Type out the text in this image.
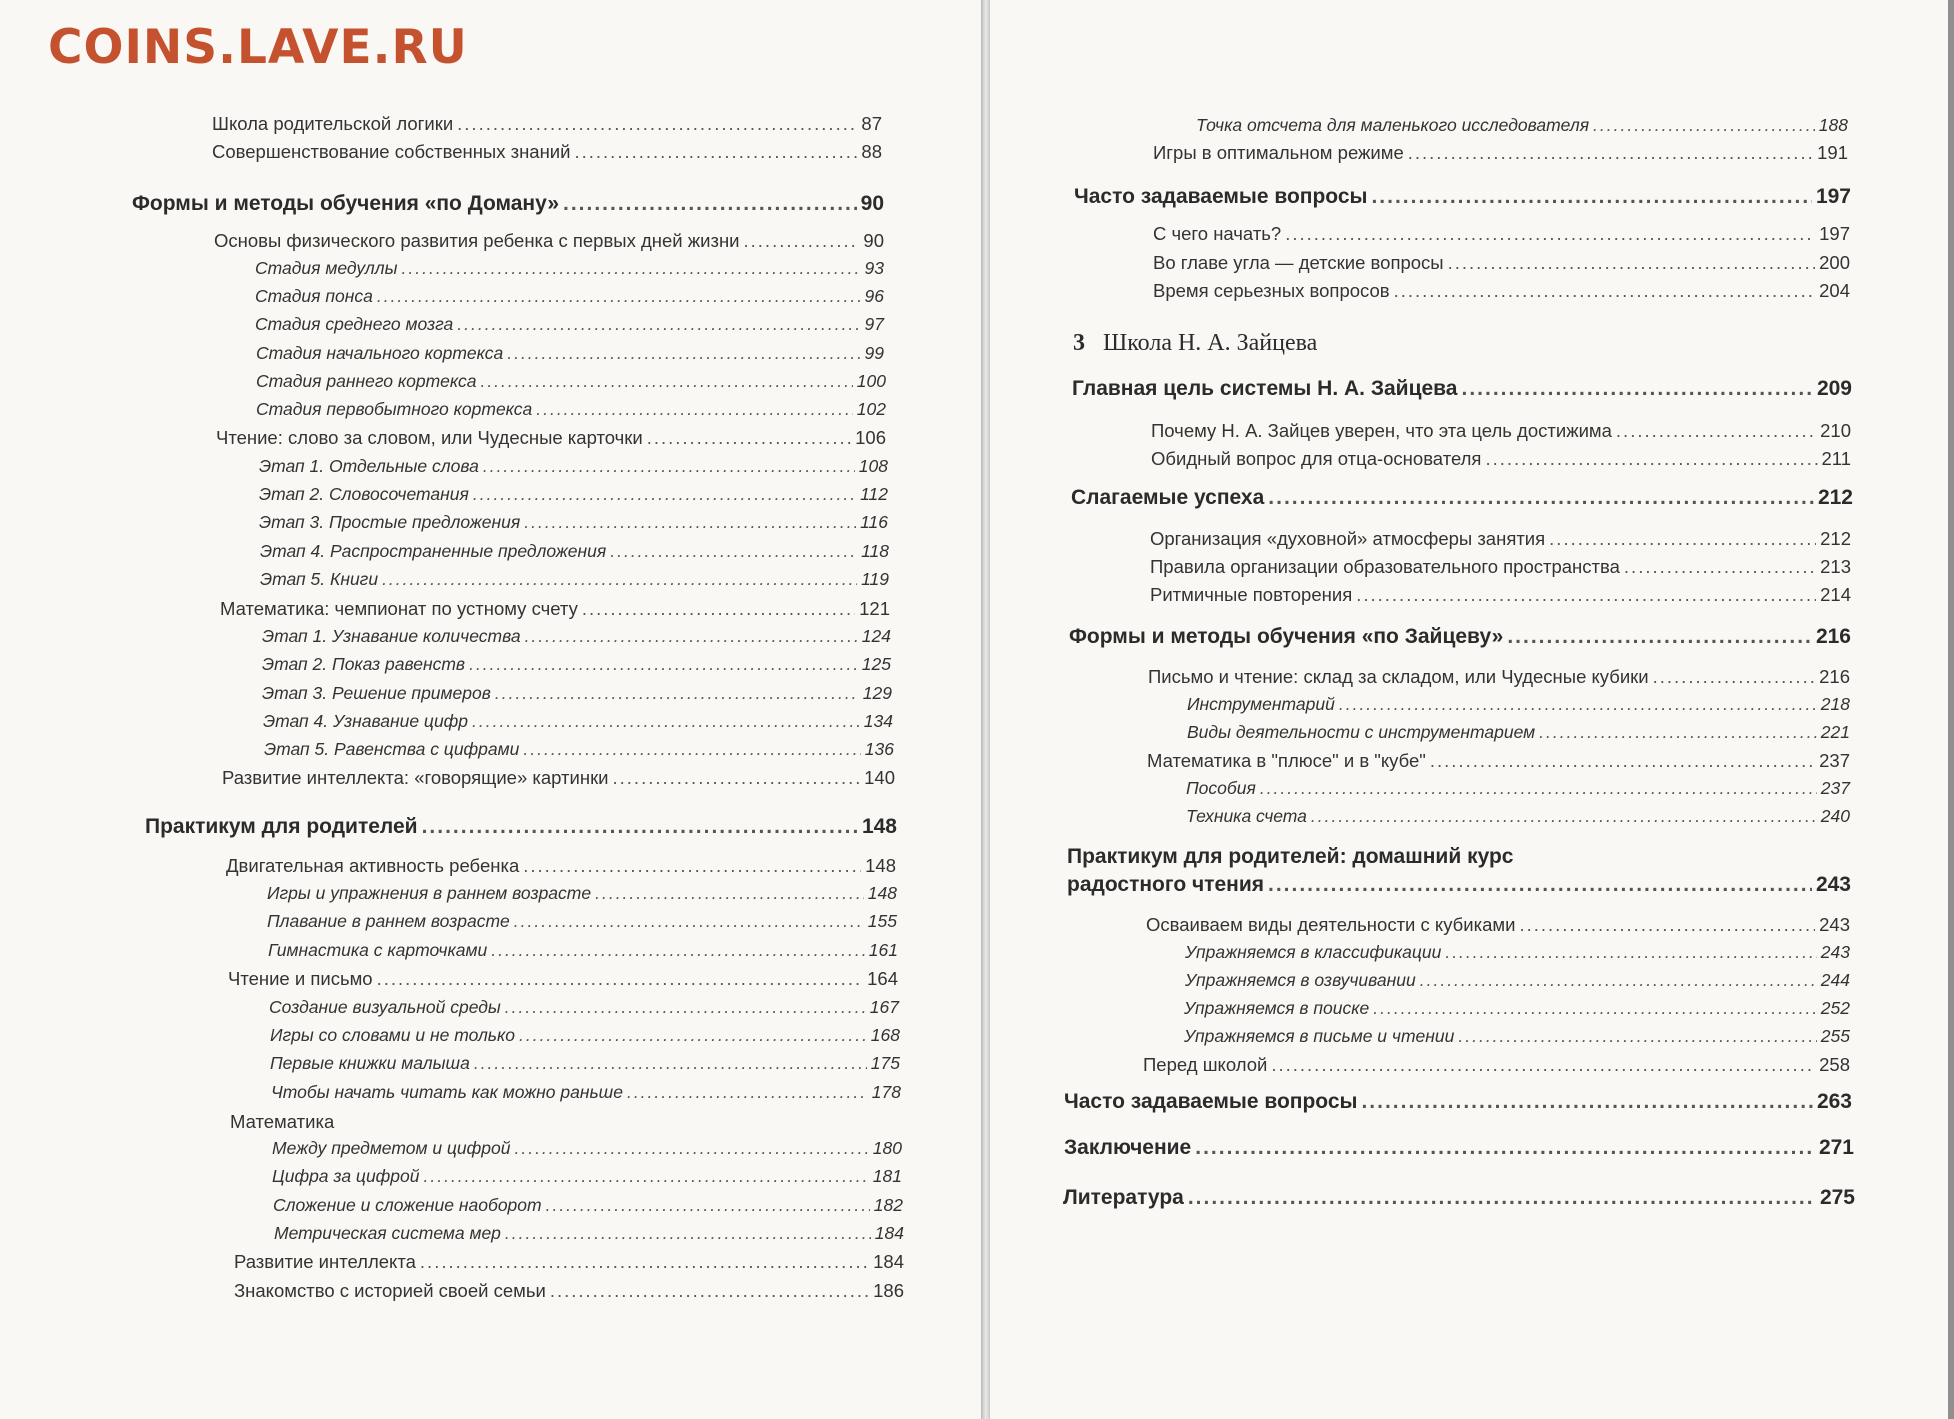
COINS.LAVE.RU
Школа родительской логики .....	87
Совершенствование собственных знаний .....	88
Формы и методы обучения «по Доману» .....	90
Основы физического развития ребенка с первых дней жизни .....	90
Стадия медуллы .....	93
Стадия понса .....	96
Стадия среднего мозга .....	97
Стадия начального кортекса .....	99
Стадия раннего кортекса .....	100
Стадия первобытного кортекса .....	102
Чтение: слово за словом, или Чудесные карточки .....	106
Этап 1. Отдельные слова .....	108
Этап 2. Словосочетания .....	112
Этап 3. Простые предложения .....	116
Этап 4. Распространенные предложения .....	118
Этап 5. Книги .....	119
Математика: чемпионат по устному счету .....	121
Этап 1. Узнавание количества .....	124
Этап 2. Показ равенств .....	125
Этап 3. Решение примеров .....	129
Этап 4. Узнавание цифр .....	134
Этап 5. Равенства с цифрами .....	136
Развитие интеллекта: «говорящие» картинки .....	140
Практикум для родителей .....	148
Двигательная активность ребенка .....	148
Игры и упражнения в раннем возрасте .....	148
Плавание в раннем возрасте .....	155
Гимнастика с карточками .....	161
Чтение и письмо .....	164
Создание визуальной среды .....	167
Игры со словами и не только .....	168
Первые книжки малыша .....	175
Чтобы начать читать как можно раньше .....	178
Математика
Между предметом и цифрой .....	180
Цифра за цифрой .....	181
Сложение и сложение наоборот .....	182
Метрическая система мер .....	184
Развитие интеллекта .....	184
Знакомство с историей своей семьи .....	186
Точка отсчета для маленького исследователя .....	188
Игры в оптимальном режиме .....	191
Часто задаваемые вопросы .....	197
С чего начать? .....	197
Во главе угла — детские вопросы .....	200
Время серьезных вопросов .....	204
3 Школа Н. А. Зайцева
Главная цель системы Н. А. Зайцева .....	209
Почему Н. А. Зайцев уверен, что эта цель достижима .....	210
Обидный вопрос для отца-основателя .....	211
Слагаемые успеха .....	212
Организация «духовной» атмосферы занятия .....	212
Правила организации образовательного пространства .....	213
Ритмичные повторения .....	214
Формы и методы обучения «по Зайцеву» .....	216
Письмо и чтение: склад за складом, или Чудесные кубики .....	216
Инструментарий .....	218
Виды деятельности с инструментарием .....	221
Математика в "плюсе" и в "кубе" .....	237
Пособия .....	237
Техника счета .....	240
Практикум для родителей: домашний курс
радостного чтения .....	243
Осваиваем виды деятельности с кубиками .....	243
Упражняемся в классификации .....	243
Упражняемся в озвучивании .....	244
Упражняемся в поиске .....	252
Упражняемся в письме и чтении .....	255
Перед школой .....	258
Часто задаваемые вопросы .....	263
Заключение .....	271
Литература .....	275
